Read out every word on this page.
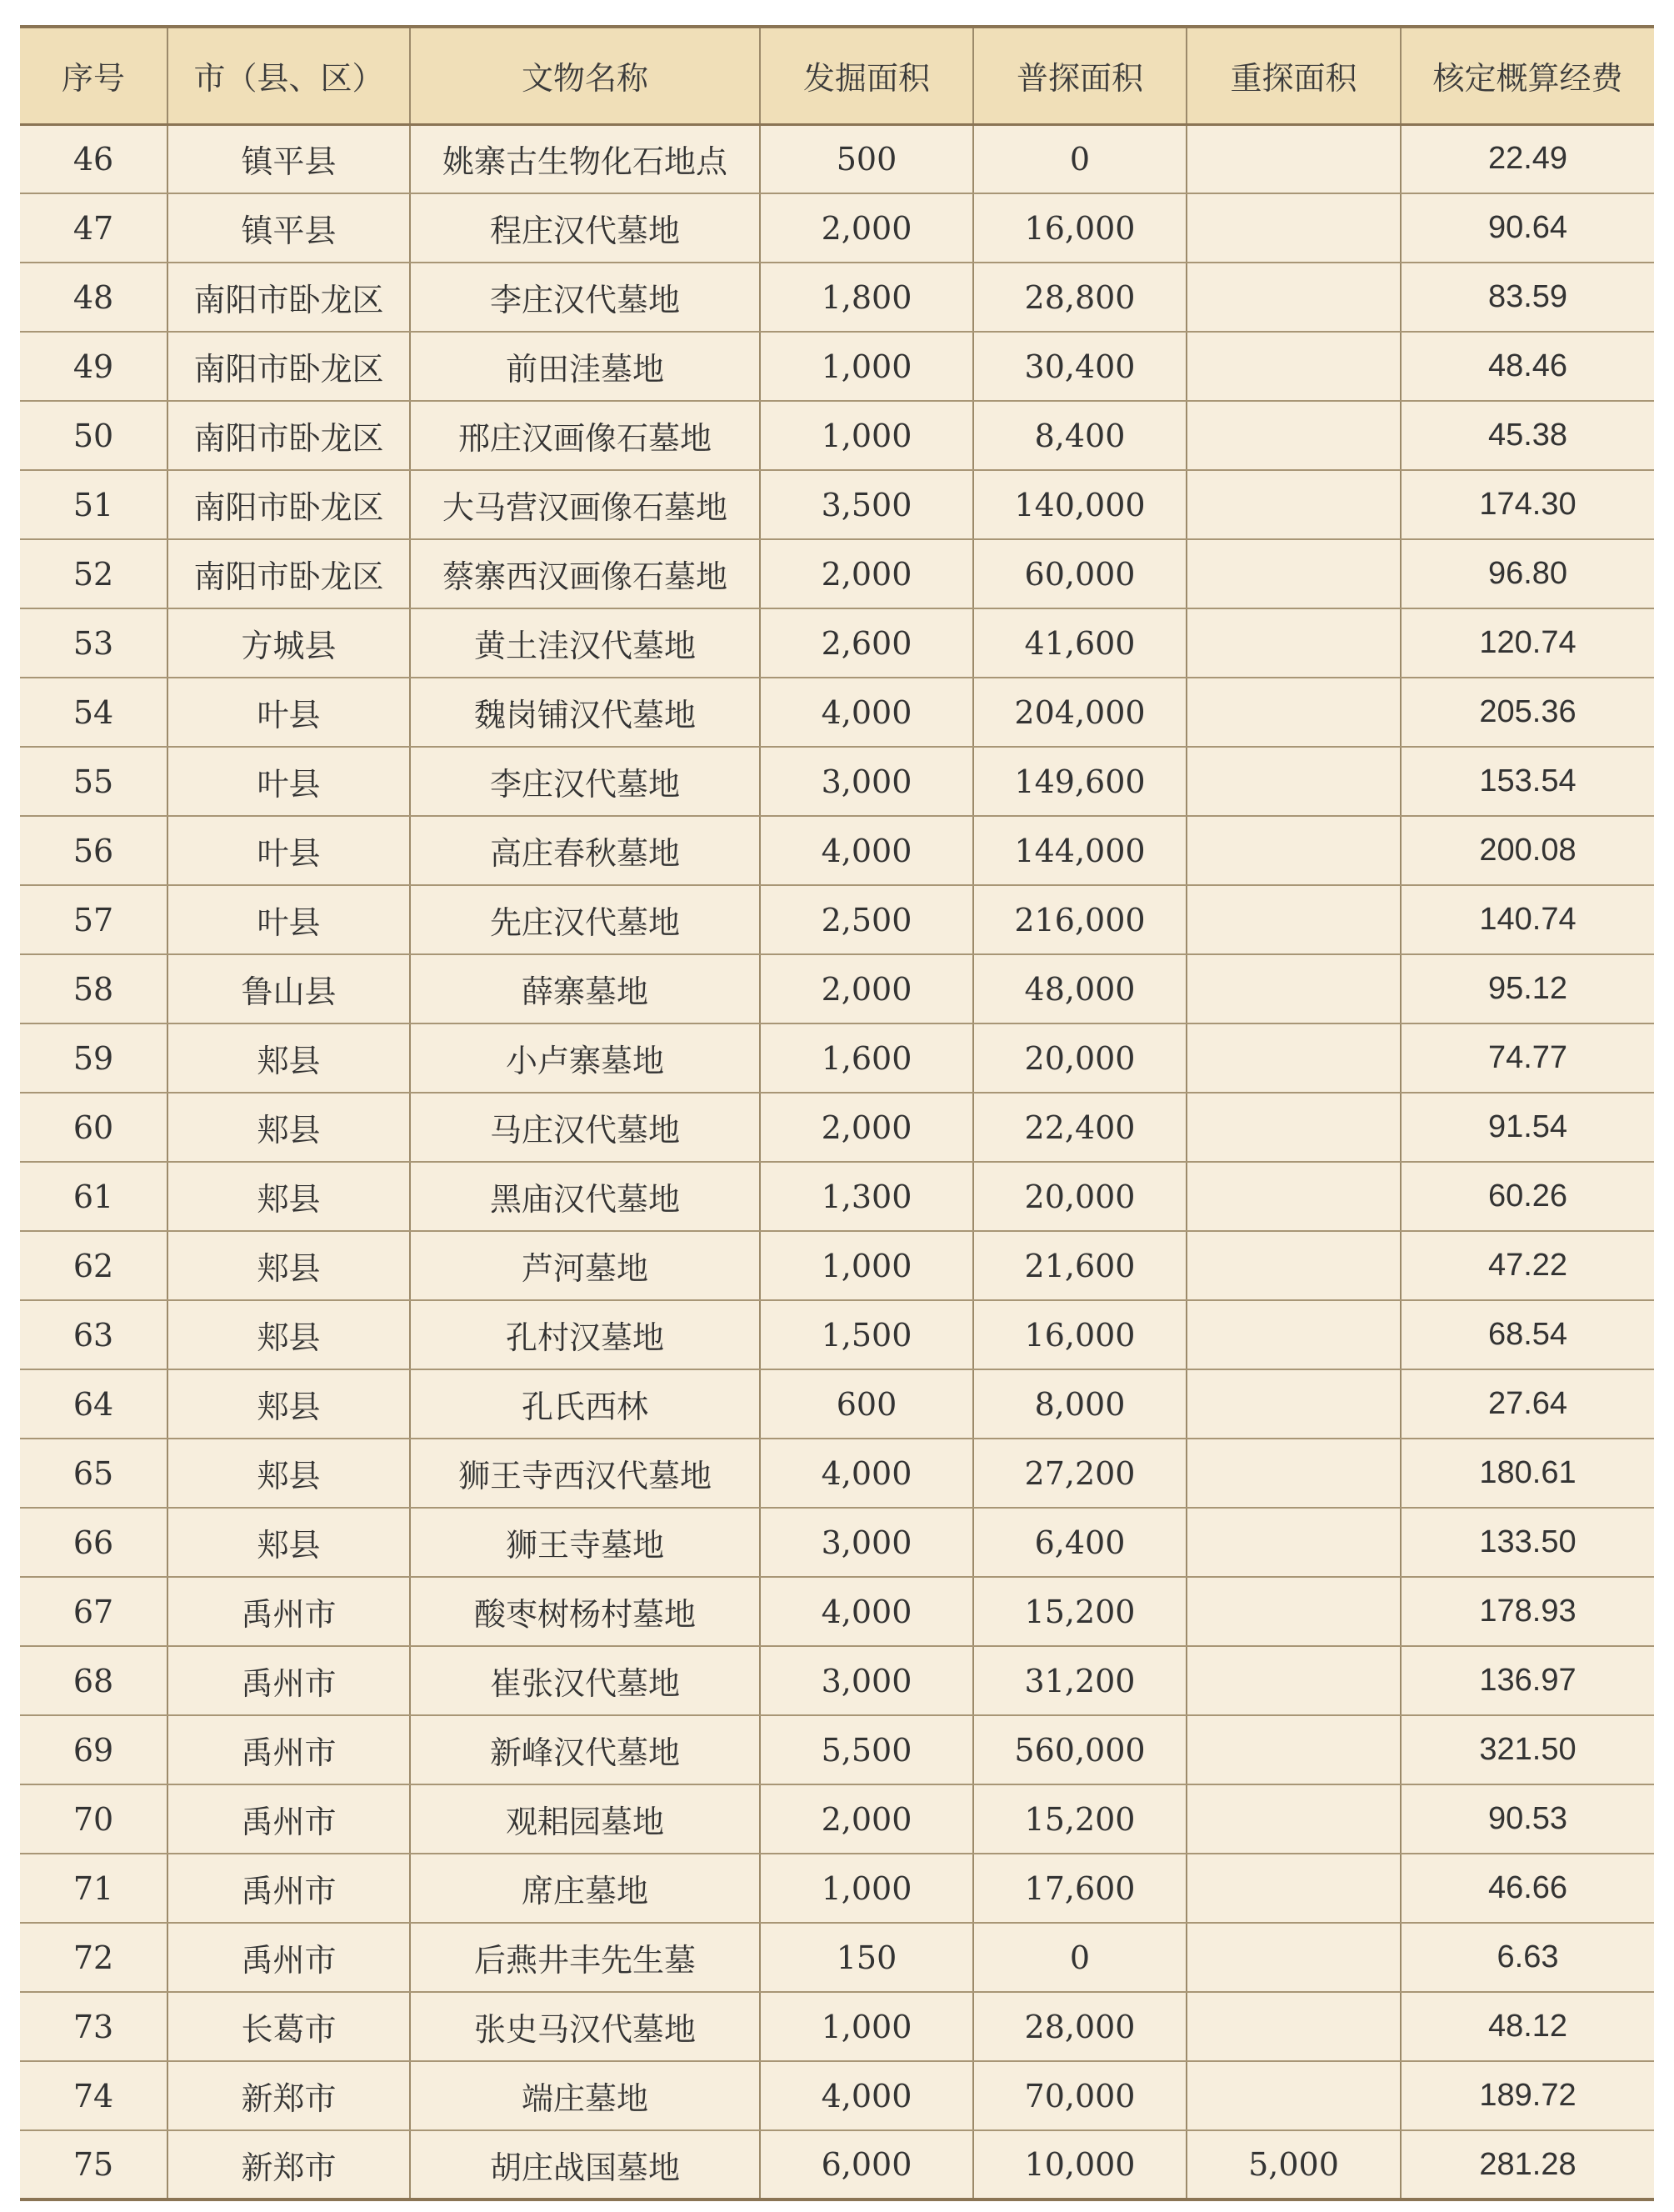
序号	市（县、区）	文物名称	发掘面积	普探面积	重探面积	核定概算经费
46	镇平县	姚寨古生物化石地点	500	0		22.49
47	镇平县	程庄汉代墓地	2,000	16,000		90.64
48	南阳市卧龙区	李庄汉代墓地	1,800	28,800		83.59
49	南阳市卧龙区	前田洼墓地	1,000	30,400		48.46
50	南阳市卧龙区	邢庄汉画像石墓地	1,000	8,400		45.38
51	南阳市卧龙区	大马营汉画像石墓地	3,500	140,000		174.30
52	南阳市卧龙区	蔡寨西汉画像石墓地	2,000	60,000		96.80
53	方城县	黄土洼汉代墓地	2,600	41,600		120.74
54	叶县	魏岗铺汉代墓地	4,000	204,000		205.36
55	叶县	李庄汉代墓地	3,000	149,600		153.54
56	叶县	高庄春秋墓地	4,000	144,000		200.08
57	叶县	先庄汉代墓地	2,500	216,000		140.74
58	鲁山县	薛寨墓地	2,000	48,000		95.12
59	郏县	小卢寨墓地	1,600	20,000		74.77
60	郏县	马庄汉代墓地	2,000	22,400		91.54
61	郏县	黑庙汉代墓地	1,300	20,000		60.26
62	郏县	芦河墓地	1,000	21,600		47.22
63	郏县	孔村汉墓地	1,500	16,000		68.54
64	郏县	孔氏西林	600	8,000		27.64
65	郏县	狮王寺西汉代墓地	4,000	27,200		180.61
66	郏县	狮王寺墓地	3,000	6,400		133.50
67	禹州市	酸枣树杨村墓地	4,000	15,200		178.93
68	禹州市	崔张汉代墓地	3,000	31,200		136.97
69	禹州市	新峰汉代墓地	5,500	560,000		321.50
70	禹州市	观耜园墓地	2,000	15,200		90.53
71	禹州市	席庄墓地	1,000	17,600		46.66
72	禹州市	后燕井丰先生墓	150	0		6.63
73	长葛市	张史马汉代墓地	1,000	28,000		48.12
74	新郑市	端庄墓地	4,000	70,000		189.72
75	新郑市	胡庄战国墓地	6,000	10,000	5,000	281.28
